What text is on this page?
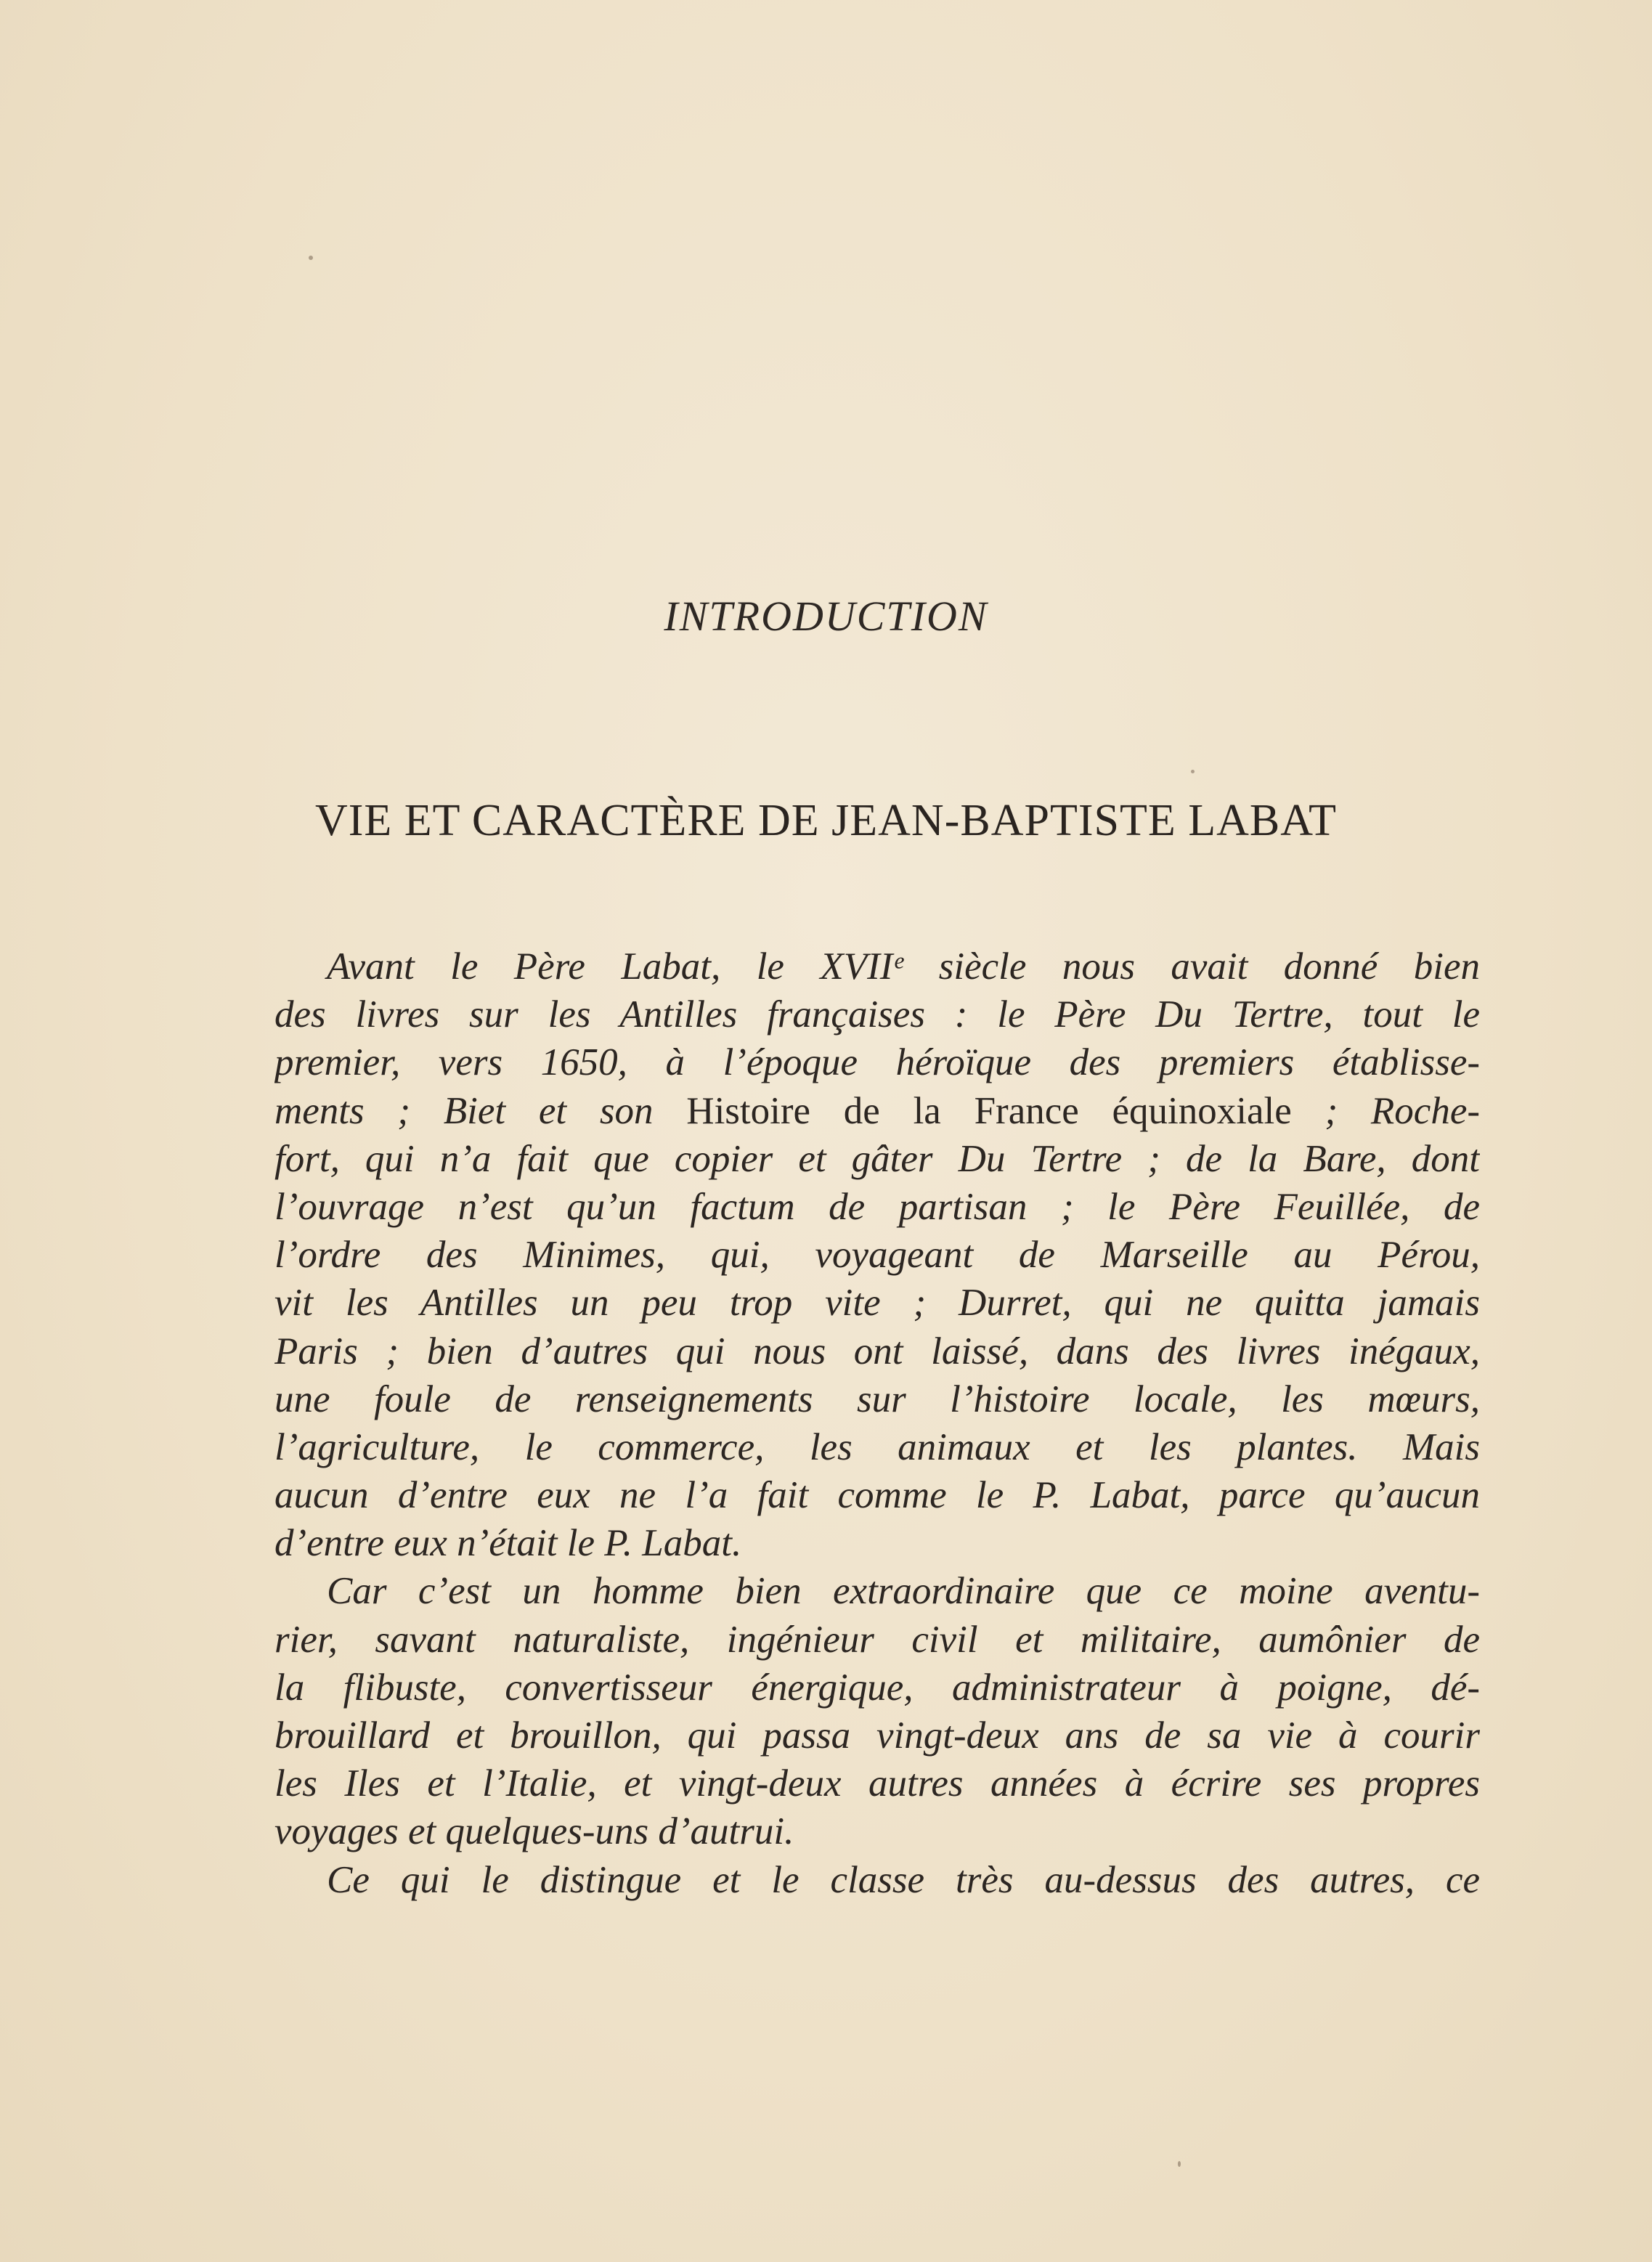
INTRODUCTION
VIE ET CARACTÈRE DE JEAN-BAPTISTE LABAT
Avant le Père Labat, le XVIIᵉ siècle nous avait donné bien
des livres sur les Antilles françaises : le Père Du Tertre, tout le
premier, vers 1650, à l’époque héroïque des premiers établisse-
ments ; Biet et son Histoire de la France équinoxiale ; Roche-
fort, qui n’a fait que copier et gâter Du Tertre ; de la Bare, dont
l’ouvrage n’est qu’un factum de partisan ; le Père Feuillée, de
l’ordre des Minimes, qui, voyageant de Marseille au Pérou,
vit les Antilles un peu trop vite ; Durret, qui ne quitta jamais
Paris ; bien d’autres qui nous ont laissé, dans des livres inégaux,
une foule de renseignements sur l’histoire locale, les mœurs,
l’agriculture, le commerce, les animaux et les plantes. Mais
aucun d’entre eux ne l’a fait comme le P. Labat, parce qu’aucun
d’entre eux n’était le P. Labat.
Car c’est un homme bien extraordinaire que ce moine aventu-
rier, savant naturaliste, ingénieur civil et militaire, aumônier de
la flibuste, convertisseur énergique, administrateur à poigne, dé-
brouillard et brouillon, qui passa vingt-deux ans de sa vie à courir
les Iles et l’Italie, et vingt-deux autres années à écrire ses propres
voyages et quelques-uns d’autrui.
Ce qui le distingue et le classe très au-dessus des autres, ce
